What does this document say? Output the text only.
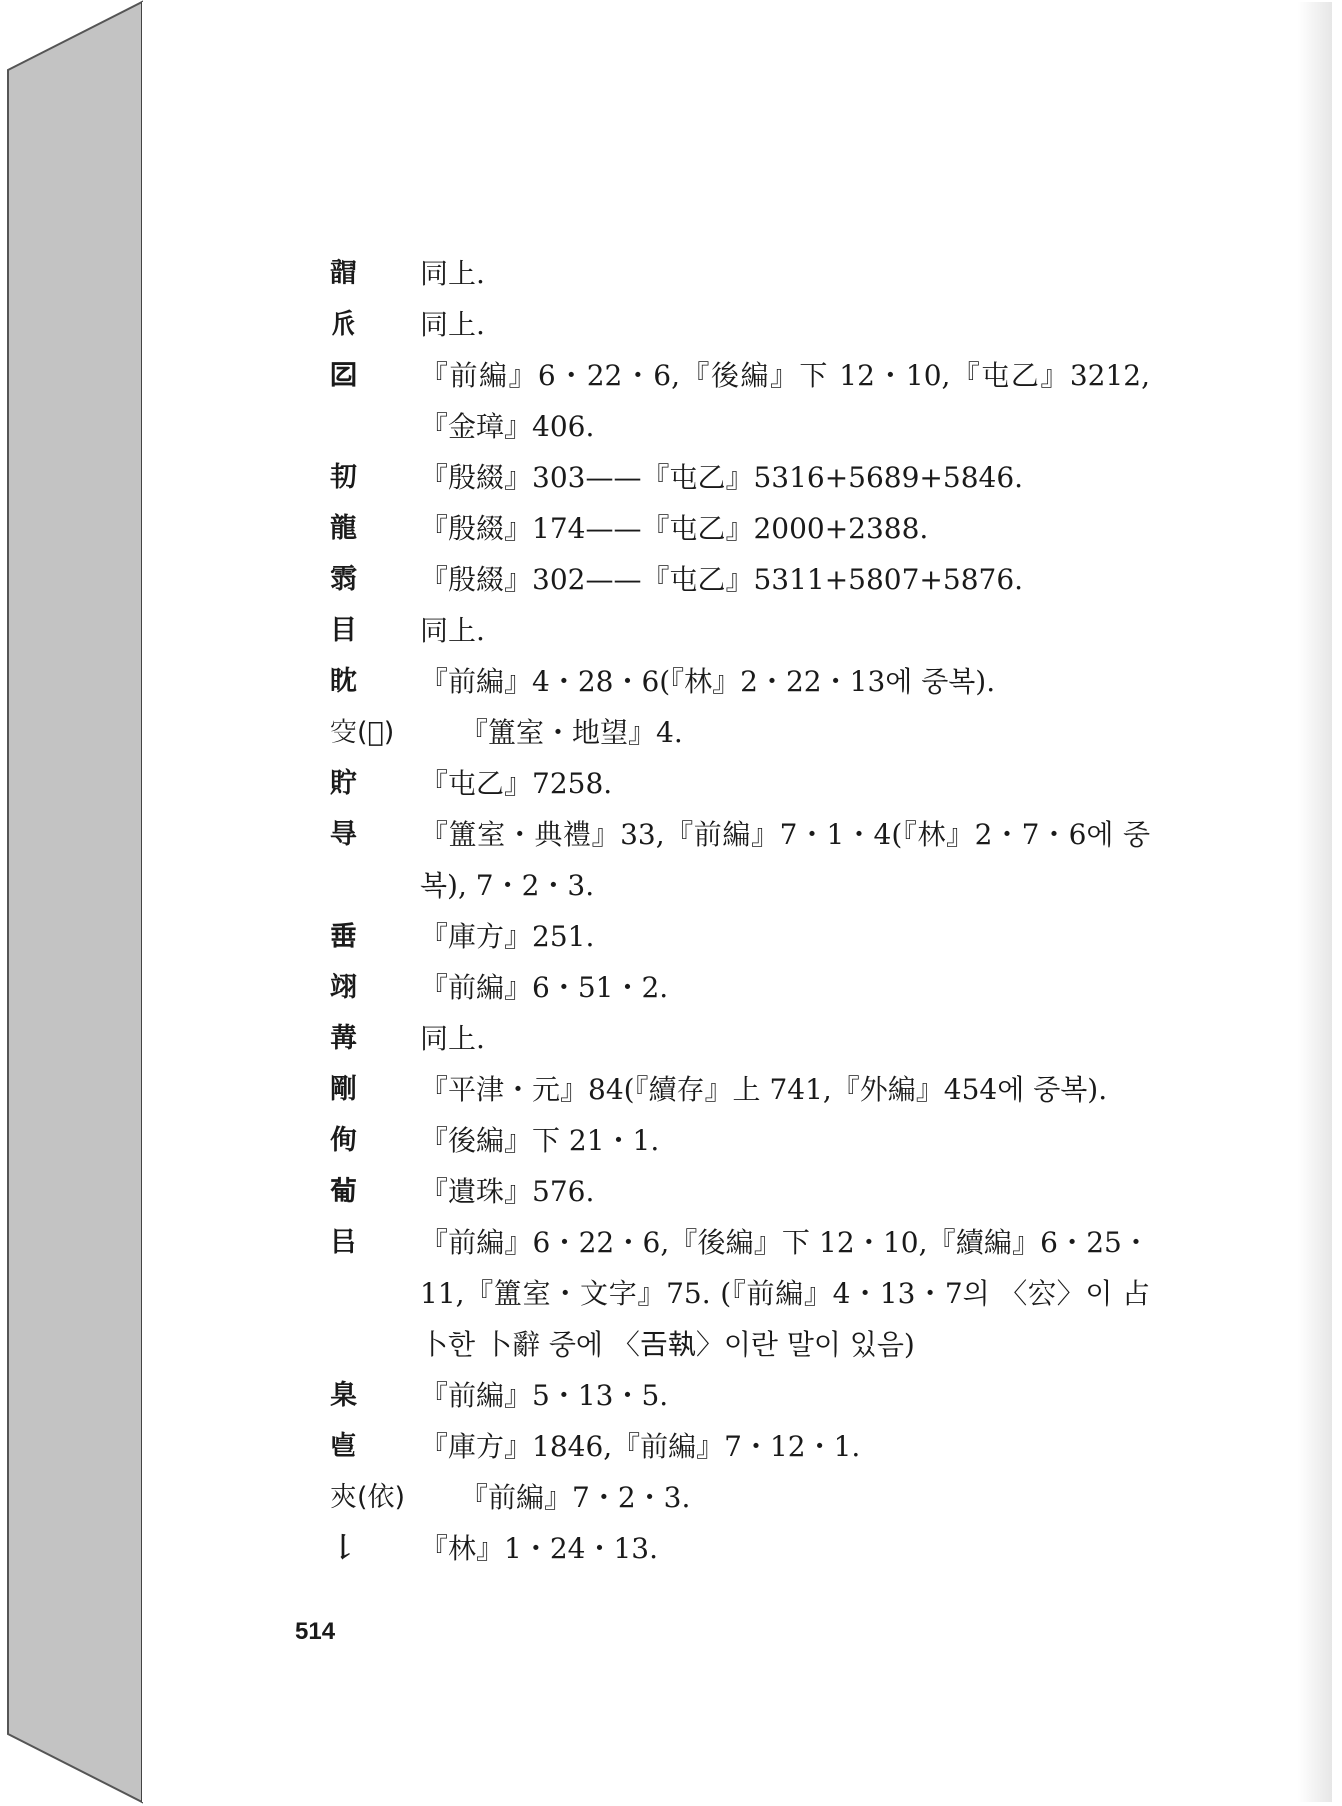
𩐲 同上.
𠂢 同上.
𡆠 『前編』6・22・6,『後編』下 12・10,『屯乙』3212,『金璋』406.
㓞 『殷綴』303——『屯乙』5316+5689+5846.
龍 『殷綴』174——『屯乙』2000+2388.
䨒 『殷綴』302——『屯乙』5311+5807+5876.
目 同上.
眈 『前編』4・28・6(『林』2・22・13에 중복).
𥤦(𡴗) 『簠室・地望』4.
貯 『屯乙』7258.
㝵 『簠室・典禮』33,『前編』7・1・4(『林』2・7・6에 중복), 7・2・3.
𡸁 『庫方』251.
翊 『前編』6・51・2.
冓 同上.
剛 『平津・元』84(『續存』上 741,『外編』454에 중복).
侚 『後編』下 21・1.
𤰈 『遺珠』576.
㠯 『前編』6・22・6,『後編』下 12・10,『續編』6・25・11,『簠室・文字』75. (『前編』4・13・7의 〈㝐〉이 占卜한 卜辭 중에 〈𢀛執〉이란 말이 있음)
臬 『前編』5・13・5.
𠧢 『庫方』1846,『前編』7・12・1.
㚒(依) 『前編』7・2・3.
𠄌 『林』1・24・13.
514
